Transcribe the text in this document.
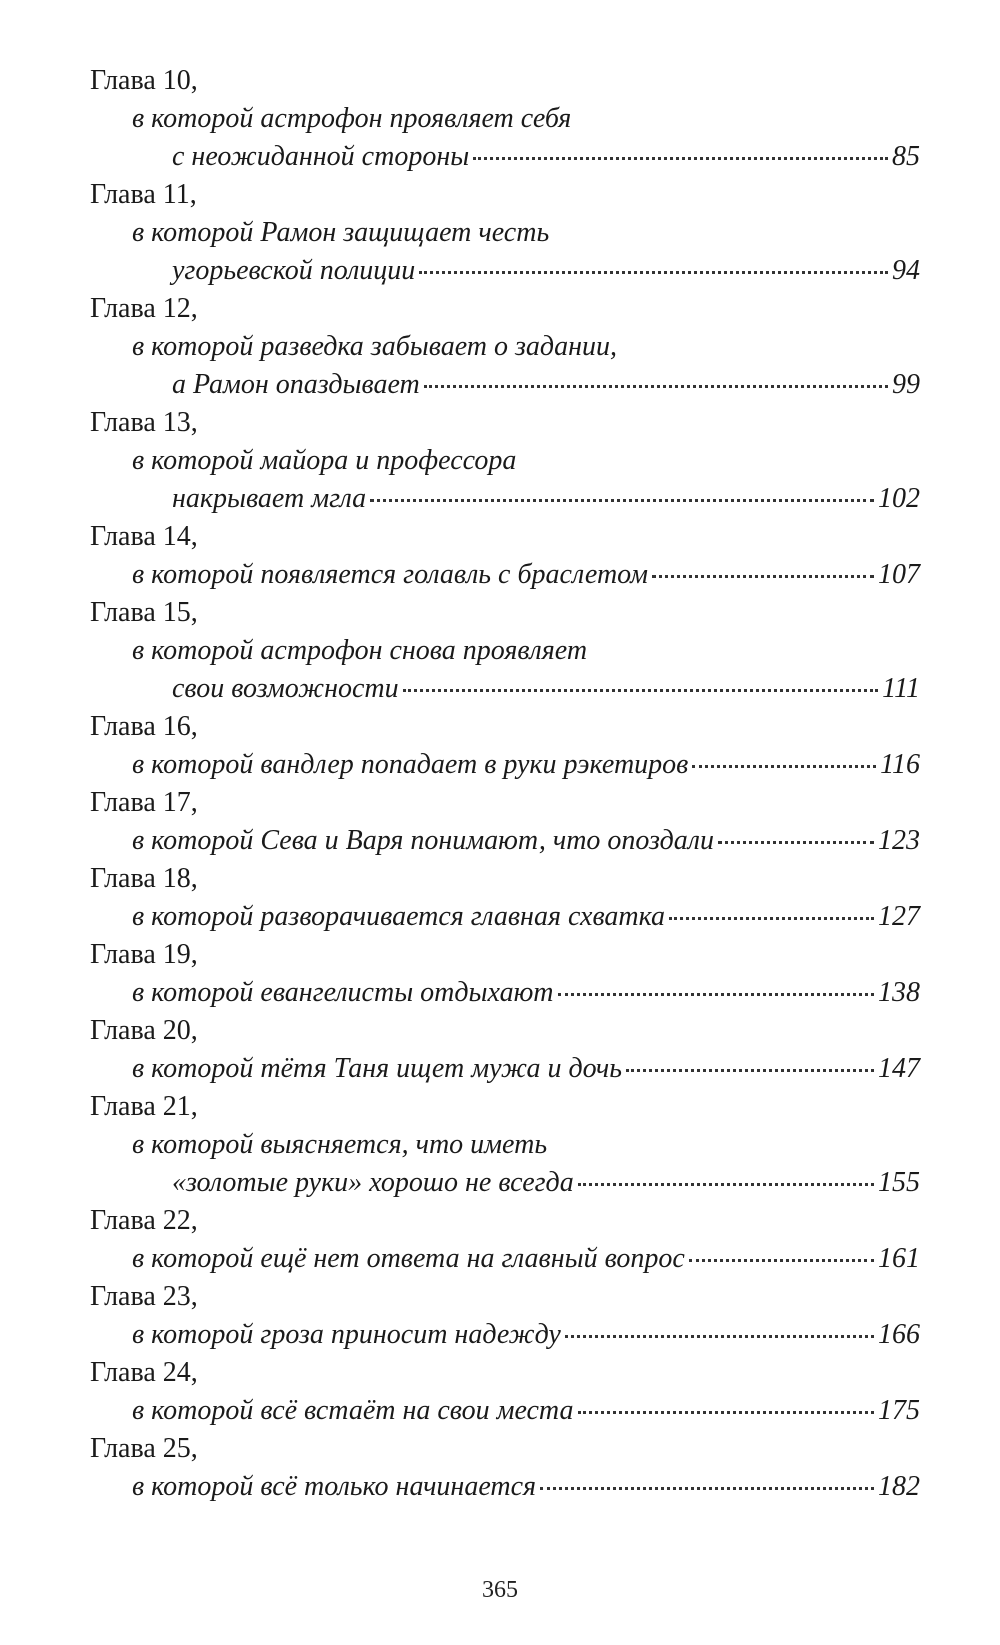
Глава 10,
в которой астрофон проявляет себя
с неожиданной стороны	85
Глава 11,
в которой Рамон защищает честь
угорьевской полиции	94
Глава 12,
в которой разведка забывает о задании,
а Рамон опаздывает	99
Глава 13,
в которой майора и профессора
накрывает мгла	102
Глава 14,
в которой появляется голавль с браслетом	107
Глава 15,
в которой астрофон снова проявляет
свои возможности	111
Глава 16,
в которой вандлер попадает в руки рэкетиров	116
Глава 17,
в которой Сева и Варя понимают, что опоздали	123
Глава 18,
в которой разворачивается главная схватка	127
Глава 19,
в которой евангелисты отдыхают	138
Глава 20,
в которой тётя Таня ищет мужа и дочь	147
Глава 21,
в которой выясняется, что иметь
«золотые руки» хорошо не всегда	155
Глава 22,
в которой ещё нет ответа на главный вопрос	161
Глава 23,
в которой гроза приносит надежду	166
Глава 24,
в которой всё встаёт на свои места	175
Глава 25,
в которой всё только начинается	182
365
